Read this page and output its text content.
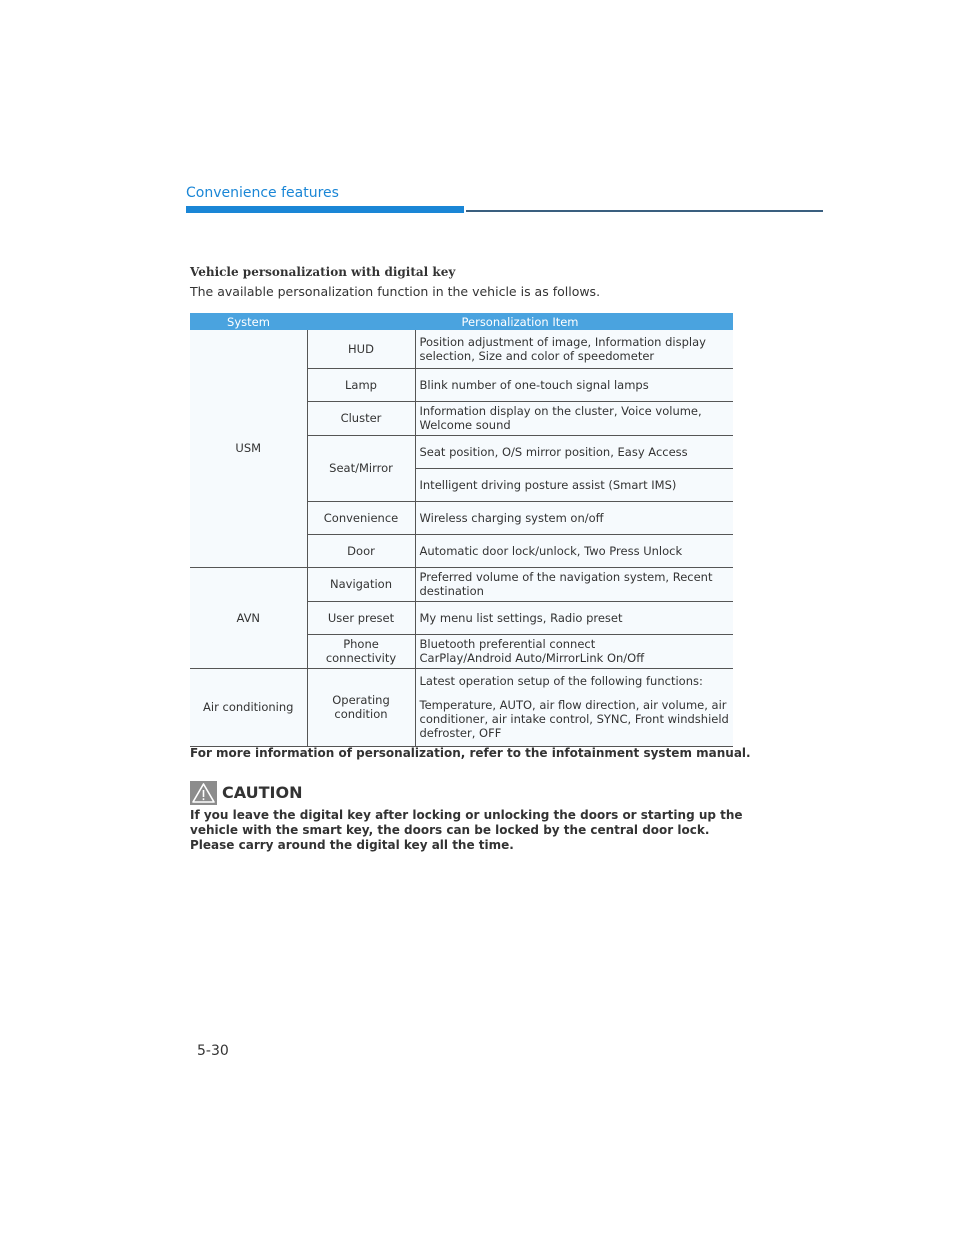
Convenience features
Vehicle personalization with digital key
The available personalization function in the vehicle is as follows.
System	Personalization Item	
USM	HUD	Position adjustment of image, Information display selection, Size and color of speedometer
	Lamp	Blink number of one-touch signal lamps
	Cluster	Information display on the cluster, Voice volume, Welcome sound
	Seat/Mirror	Seat position, O/S mirror position, Easy Access
		Intelligent driving posture assist (Smart IMS)
	Convenience	Wireless charging system on/off
	Door	Automatic door lock/unlock, Two Press Unlock
AVN	Navigation	Preferred volume of the navigation system, Recent destination
	User preset	My menu list settings, Radio preset
	Phone connectivity	Bluetooth preferential connect
CarPlay/Android Auto/MirrorLink On/Off

Air conditioning	Operating condition	Latest operation setup of the following functions:
Temperature, AUTO, air flow direction, air volume, air conditioner, air intake control, SYNC, Front windshield defroster, OFF
For more information of personalization, refer to the infotainment system manual.
CAUTION
If you leave the digital key after locking or unlocking the doors or starting up the vehicle with the smart key, the doors can be locked by the central door lock. Please carry around the digital key all the time.
5-30
